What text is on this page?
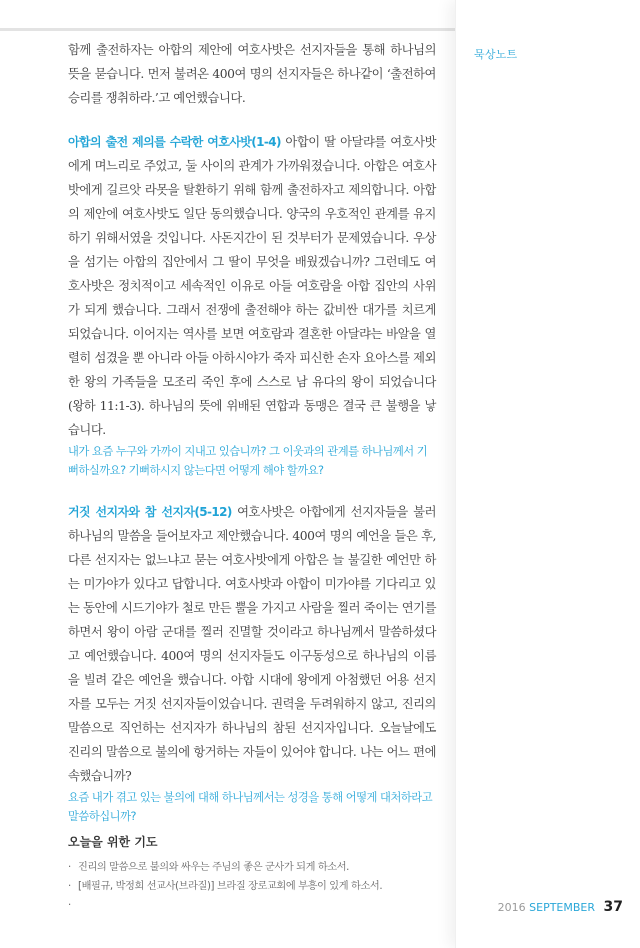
묵상노트
2016 SEPTEMBER 37

함께 출전하자는 아합의 제안에 여호사밧은 선지자들을 통해 하나님의 뜻을 묻습니다. 먼저 불려온 400여 명의 선지자들은 하나같이 ‘출전하여 승리를 쟁취하라.’고 예언했습니다.

아합의 출전 제의를 수락한 여호사밧(1-4) 아합이 딸 아달랴를 여호사밧에게 며느리로 주었고, 둘 사이의 관계가 가까워졌습니다. 아합은 여호사밧에게 길르앗 라못을 탈환하기 위해 함께 출전하자고 제의합니다. 아합의 제안에 여호사밧도 일단 동의했습니다. 양국의 우호적인 관계를 유지하기 위해서였을 것입니다. 사돈지간이 된 것부터가 문제였습니다. 우상을 섬기는 아합의 집안에서 그 딸이 무엇을 배웠겠습니까? 그런데도 여호사밧은 정치적이고 세속적인 이유로 아들 여호람을 아합 집안의 사위가 되게 했습니다. 그래서 전쟁에 출전해야 하는 값비싼 대가를 치르게 되었습니다. 이어지는 역사를 보면 여호람과 결혼한 아달랴는 바알을 열렬히 섬겼을 뿐 아니라 아들 아하시야가 죽자 피신한 손자 요아스를 제외한 왕의 가족들을 모조리 죽인 후에 스스로 남 유다의 왕이 되었습니다(왕하 11:1-3). 하나님의 뜻에 위배된 연합과 동맹은 결국 큰 불행을 낳습니다.

내가 요즘 누구와 가까이 지내고 있습니까? 그 이웃과의 관계를 하나님께서 기뻐하실까요? 기뻐하시지 않는다면 어떻게 해야 할까요?

거짓 선지자와 참 선지자(5-12) 여호사밧은 아합에게 선지자들을 불러 하나님의 말씀을 들어보자고 제안했습니다. 400여 명의 예언을 들은 후, 다른 선지자는 없느냐고 묻는 여호사밧에게 아합은 늘 불길한 예언만 하는 미가야가 있다고 답합니다. 여호사밧과 아합이 미가야를 기다리고 있는 동안에 시드기야가 철로 만든 뿔을 가지고 사람을 찔러 죽이는 연기를 하면서 왕이 아람 군대를 찔러 진멸할 것이라고 하나님께서 말씀하셨다고 예언했습니다. 400여 명의 선지자들도 이구동성으로 하나님의 이름을 빌려 같은 예언을 했습니다. 아합 시대에 왕에게 아첨했던 어용 선지자를 모두는 거짓 선지자들이었습니다. 권력을 두려워하지 않고, 진리의 말씀으로 직언하는 선지자가 하나님의 참된 선지자입니다. 오늘날에도 진리의 말씀으로 불의에 항거하는 자들이 있어야 합니다. 나는 어느 편에 속했습니까?

요즘 내가 겪고 있는 불의에 대해 하나님께서는 성경을 통해 어떻게 대처하라고 말씀하십니까?

오늘을 위한 기도
· 진리의 말씀으로 불의와 싸우는 주님의 좋은 군사가 되게 하소서.
· [배필규, 박정희 선교사(브라질)] 브라질 장로교회에 부흥이 있게 하소서.
·
